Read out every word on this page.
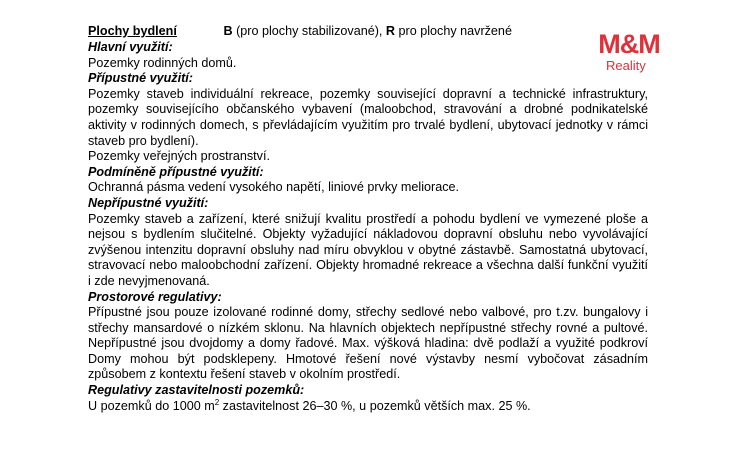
M&M
Reality
Plochy bydlení	B (pro plochy stabilizované), R pro plochy navržené
Hlavní využití:
Pozemky rodinných domů.
Přípustné využití:
Pozemky staveb individuální rekreace, pozemky související dopravní a technické infrastruktury, pozemky souvisejícího občanského vybavení (maloobchod, stravování a drobné podnikatelské aktivity v rodinných domech, s převládajícím využitím pro trvalé bydlení, ubytovací jednotky v rámci staveb pro bydlení).
Pozemky veřejných prostranství.
Podmíněně přípustné využití:
Ochranná pásma vedení vysokého napětí, liniové prvky meliorace.
Nepřípustné využití:
Pozemky staveb a zařízení, které snižují kvalitu prostředí a pohodu bydlení ve vymezené ploše a nejsou s bydlením slučitelné. Objekty vyžadující nákladovou dopravní obsluhu nebo vyvolávající zvýšenou intenzitu dopravní obsluhy nad míru obvyklou v obytné zástavbě. Samostatná ubytovací, stravovací nebo maloobchodní zařízení. Objekty hromadné rekreace a všechna další funkční využití i zde nevyjmenovaná.
Prostorové regulativy:
Přípustné jsou pouze izolované rodinné domy, střechy sedlové nebo valbové, pro t.zv. bungalovy i střechy mansardové o nízkém sklonu. Na hlavních objektech nepřípustné střechy rovné a pultové. Nepřípustné jsou dvojdomy a domy řadové. Max. výšková hladina: dvě podlaží a využité podkroví Domy mohou být podsklepeny. Hmotové řešení nové výstavby nesmí vybočovat zásadním způsobem z kontextu řešení staveb v okolním prostředí.
Regulativy zastavitelnosti pozemků:
U pozemků do 1000 $m^2$ zastavitelnost 26–30 %, u pozemků větších max. 25 %.
